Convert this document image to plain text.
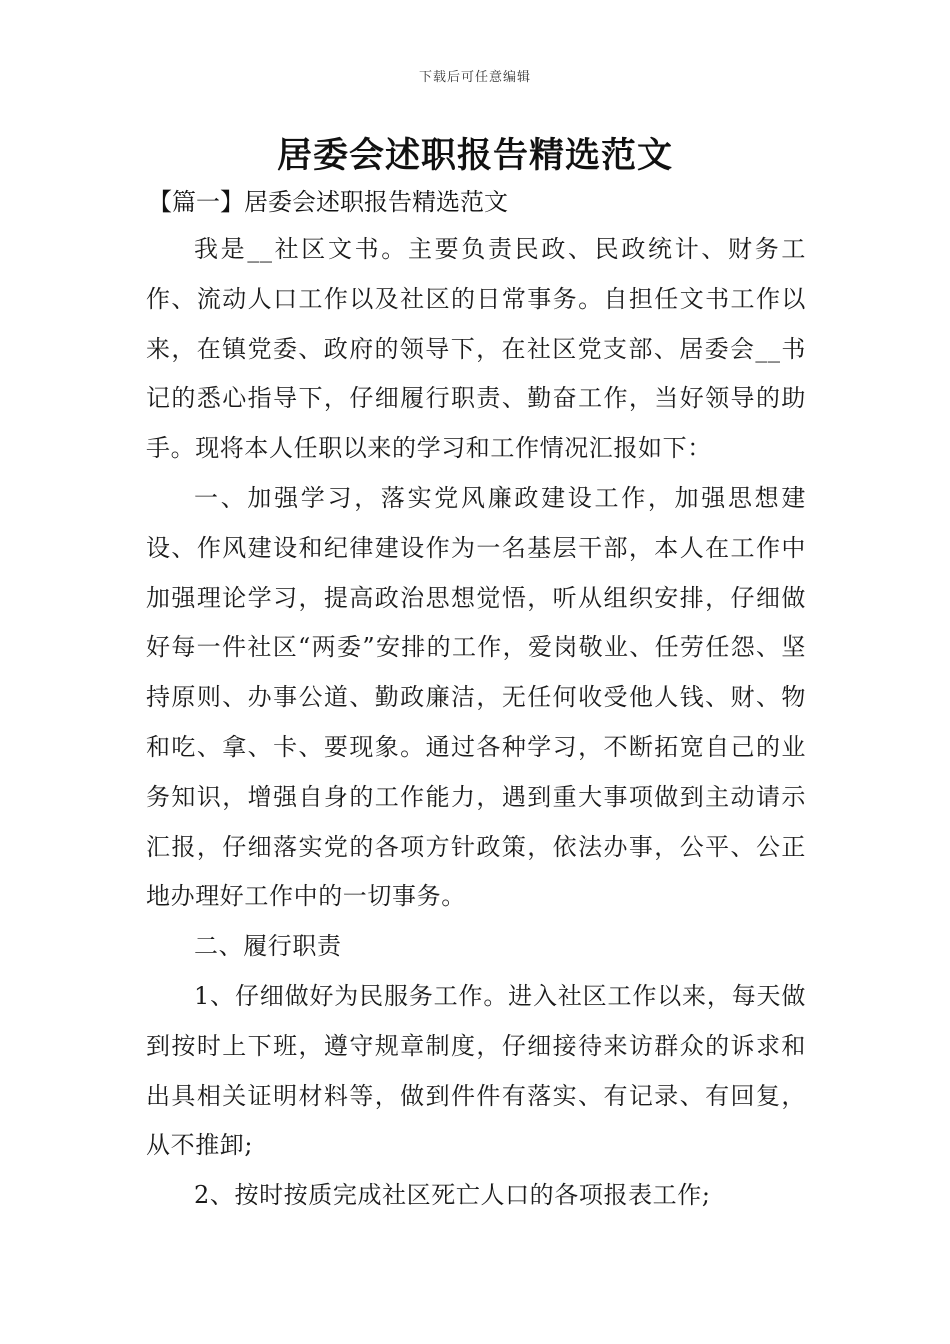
下载后可任意编辑
居委会述职报告精选范文
【篇一】居委会述职报告精选范文

我是__社区文书。主要负责民政、民政统计、财务工作、流动人口工作以及社区的日常事务。自担任文书工作以来，在镇党委、政府的领导下，在社区党支部、居委会__书记的悉心指导下，仔细履行职责、勤奋工作，当好领导的助手。现将本人任职以来的学习和工作情况汇报如下：

一、加强学习，落实党风廉政建设工作，加强思想建设、作风建设和纪律建设作为一名基层干部，本人在工作中加强理论学习，提高政治思想觉悟，听从组织安排，仔细做好每一件社区“两委”安排的工作，爱岗敬业、任劳任怨、坚持原则、办事公道、勤政廉洁，无任何收受他人钱、财、物和吃、拿、卡、要现象。通过各种学习，不断拓宽自己的业务知识，增强自身的工作能力，遇到重大事项做到主动请示汇报，仔细落实党的各项方针政策，依法办事，公平、公正地办理好工作中的一切事务。

二、履行职责

1、仔细做好为民服务工作。进入社区工作以来，每天做到按时上下班，遵守规章制度，仔细接待来访群众的诉求和出具相关证明材料等，做到件件有落实、有记录、有回复，从不推卸;

2、按时按质完成社区死亡人口的各项报表工作;
